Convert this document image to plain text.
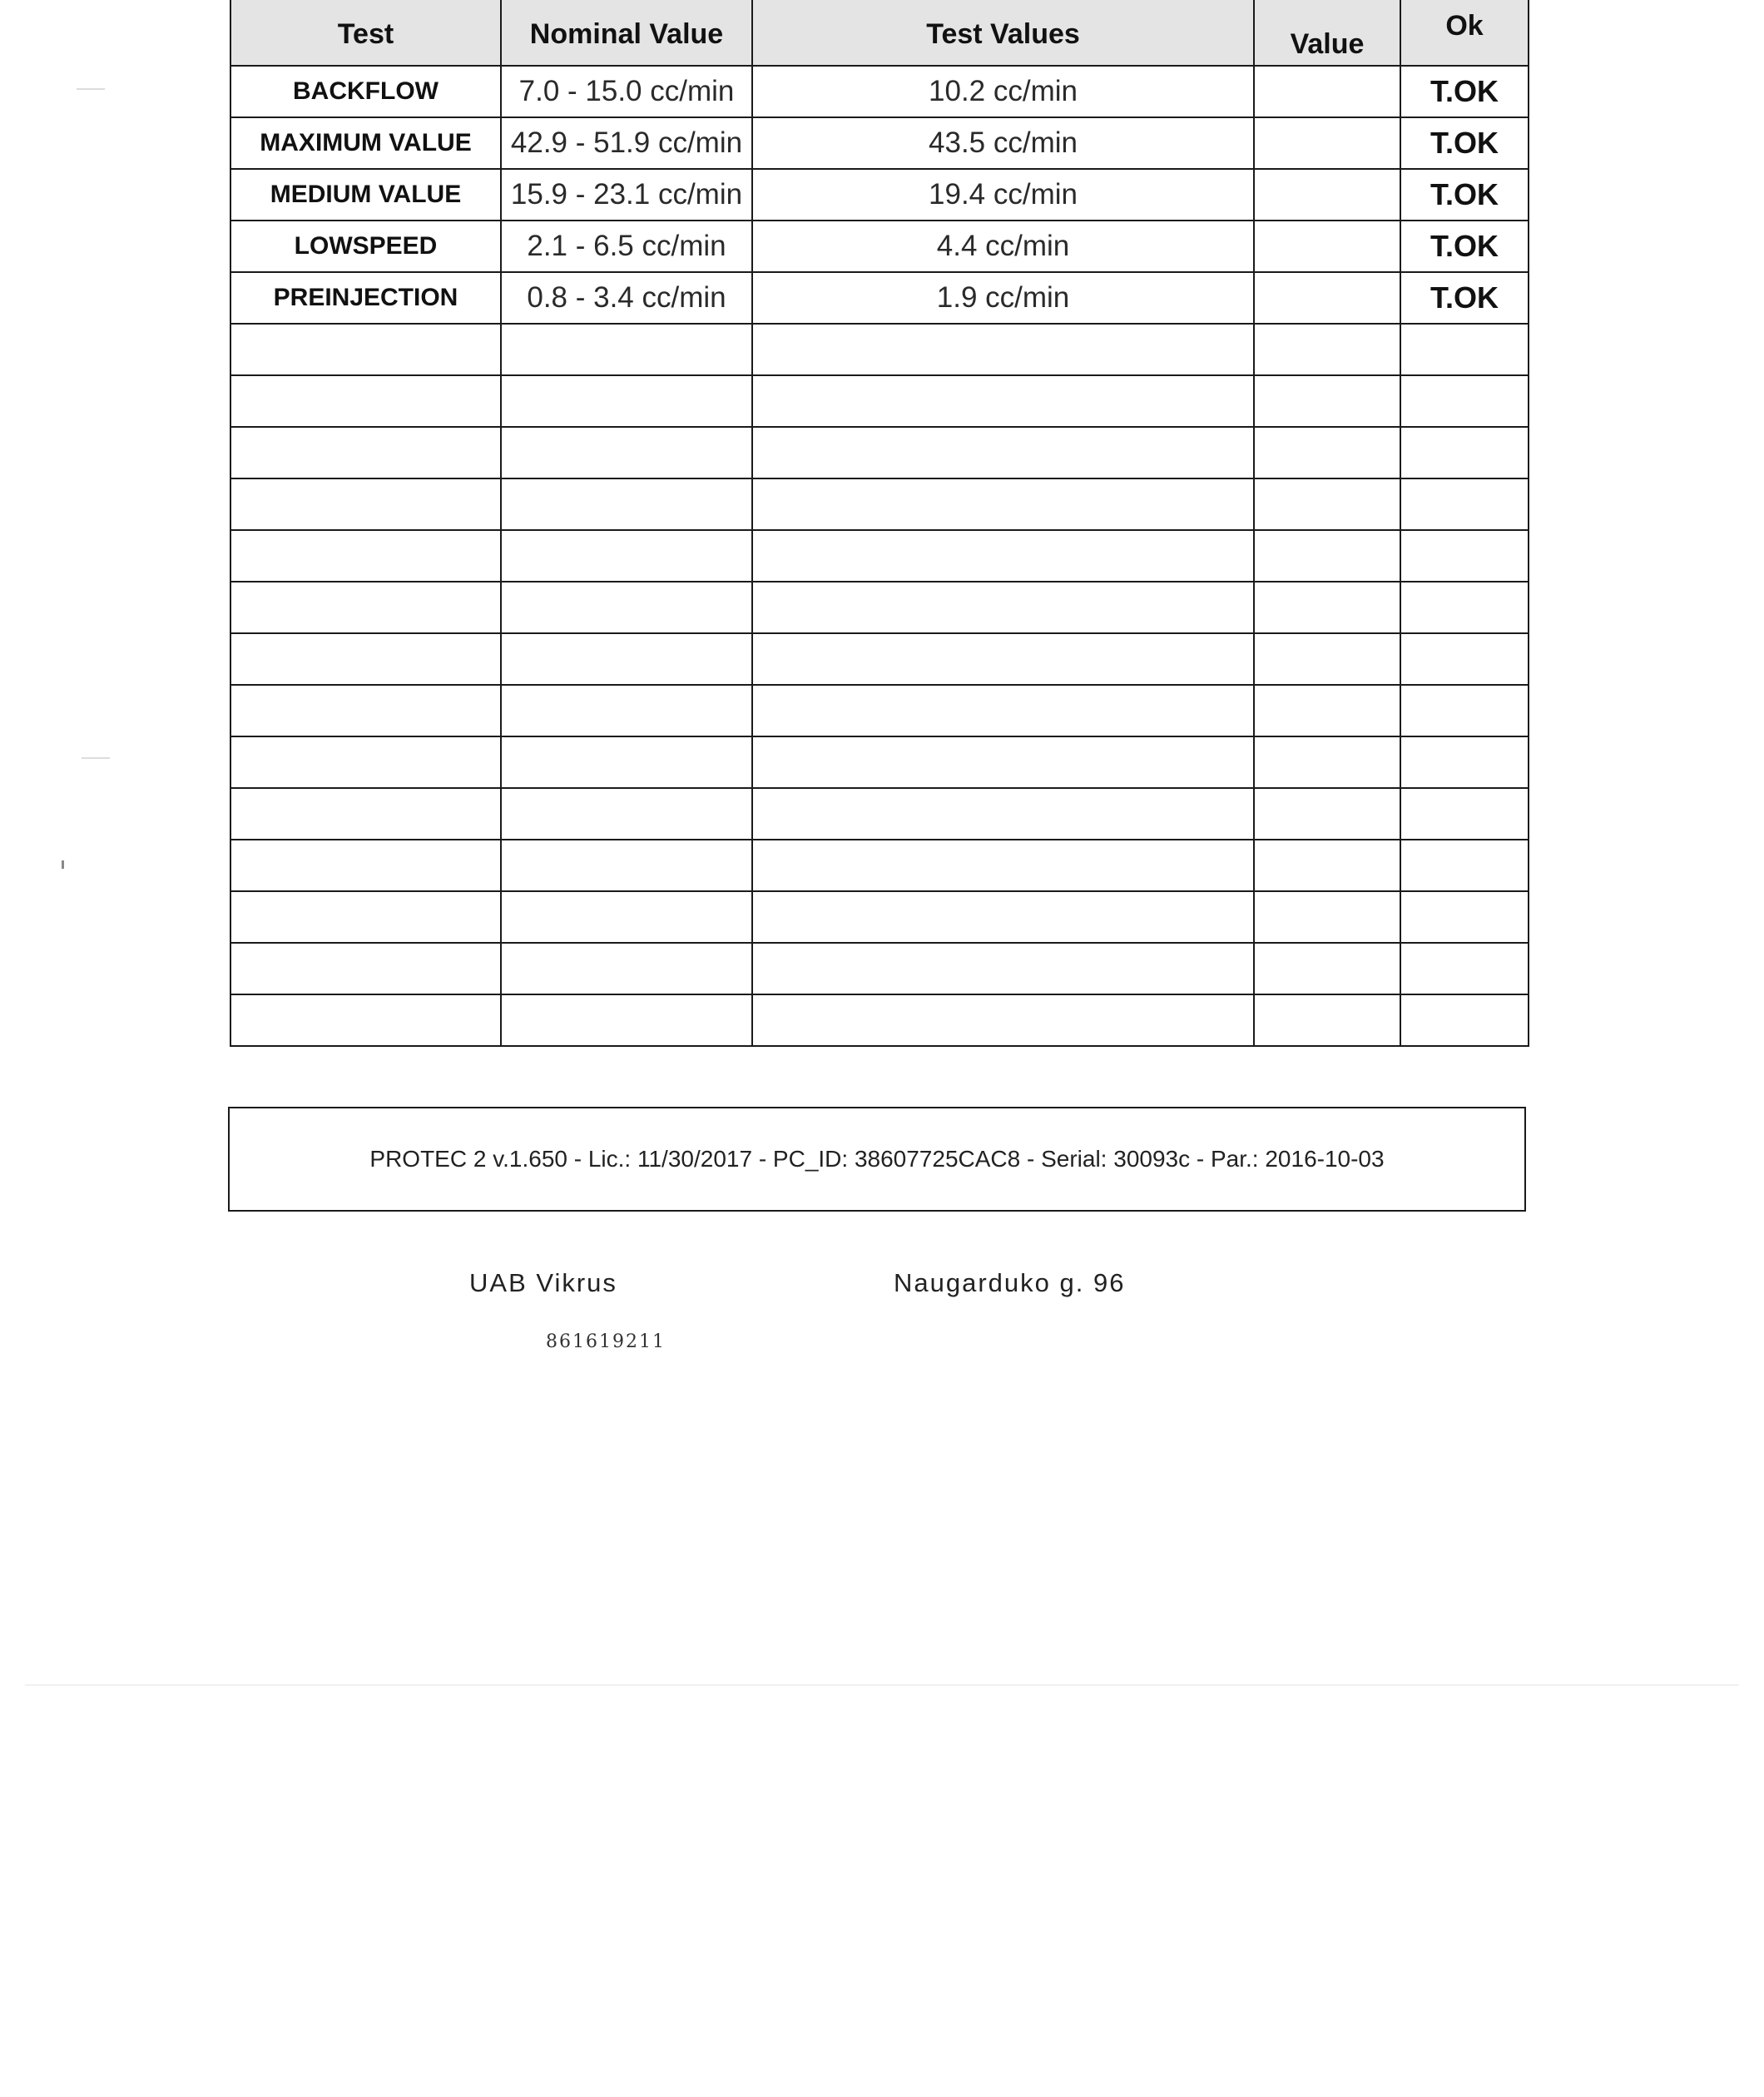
Test	Nominal Value	Test Values	Value	Ok
BACKFLOW	7.0 - 15.0 cc/min	10.2 cc/min		T.OK
MAXIMUM VALUE	42.9 - 51.9 cc/min	43.5 cc/min		T.OK
MEDIUM VALUE	15.9 - 23.1 cc/min	19.4 cc/min		T.OK
LOWSPEED	2.1 - 6.5 cc/min	4.4 cc/min		T.OK
PREINJECTION	0.8 - 3.4 cc/min	1.9 cc/min		T.OK

PROTEC 2 v.1.650 - Lic.: 11/30/2017 - PC_ID: 38607725CAC8 - Serial: 30093c - Par.: 2016-10-03
UAB Vikrus	Naugarduko g. 96
861619211
